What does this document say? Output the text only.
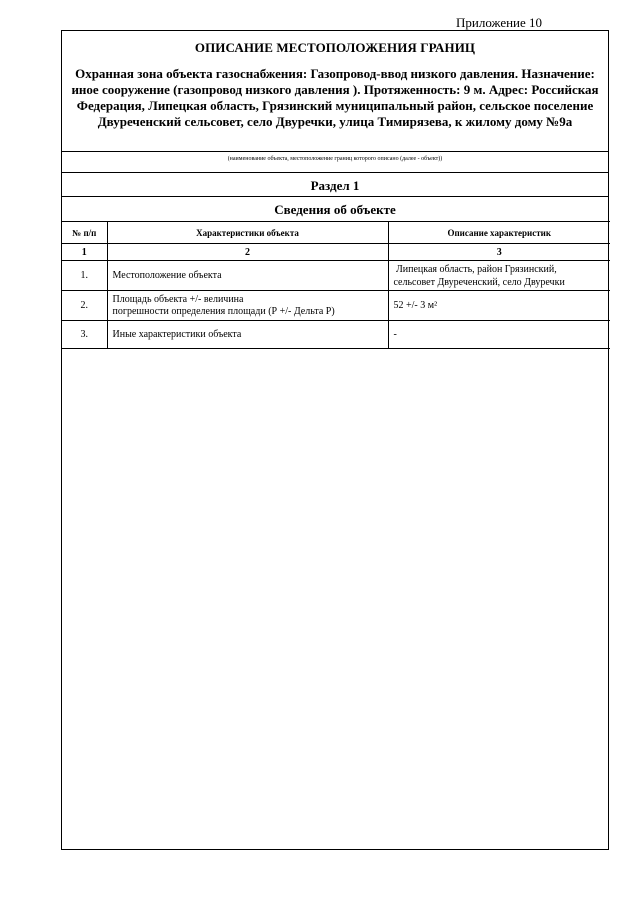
Приложение 10
ОПИСАНИЕ МЕСТОПОЛОЖЕНИЯ ГРАНИЦ
Охранная зона объекта газоснабжения: Газопровод-ввод низкого давления. Назначение: иное сооружение (газопровод низкого давления ). Протяженность: 9 м. Адрес: Российская Федерация, Липецкая область, Грязинский муниципальный район, сельское поселение Двуреченский сельсовет, село Двуречки, улица Тимирязева, к жилому дому №9а
(наименование объекта, местоположение границ которого описано (далее - объект))
Раздел 1
Сведения об объекте
№ п/п	Характеристики объекта	Описание характеристик
1	2	3
1.	Местоположение объекта	Липецкая область, район Грязинский,
сельсовет Двуреченский, село Двуречки

2.	Площадь объекта +/- величина
погрешности определения площади (Р +/- Дельта Р)	52 +/- 3 м²
3.	Иные характеристики объекта	-
